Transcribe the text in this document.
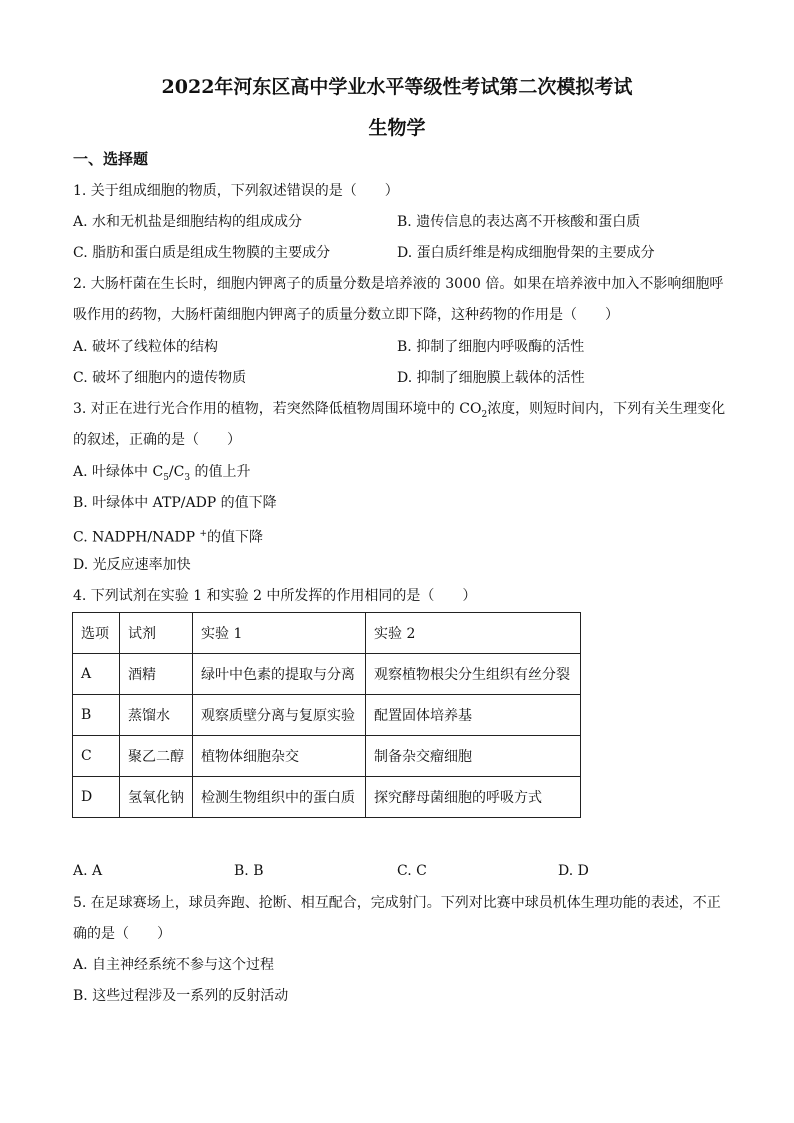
2022年河东区高中学业水平等级性考试第二次模拟考试
生物学
一、选择题
1. 关于组成细胞的物质，下列叙述错误的是（　　）
A. 水和无机盐是细胞结构的组成成分	B. 遗传信息的表达离不开核酸和蛋白质
C. 脂肪和蛋白质是组成生物膜的主要成分	D. 蛋白质纤维是构成细胞骨架的主要成分
2. 大肠杆菌在生长时，细胞内钾离子的质量分数是培养液的 3000 倍。如果在培养液中加入不影响细胞呼
吸作用的药物，大肠杆菌细胞内钾离子的质量分数立即下降，这种药物的作用是（　　）
A. 破坏了线粒体的结构	B. 抑制了细胞内呼吸酶的活性
C. 破坏了细胞内的遗传物质	D. 抑制了细胞膜上载体的活性
3. 对正在进行光合作用的植物，若突然降低植物周围环境中的 $CO_2$浓度，则短时间内，下列有关生理变化
的叙述，正确的是（　　）
A. 叶绿体中 $C_5/C_3$ 的值上升
B. 叶绿体中 ATP/ADP 的值下降
C. NADPH/NADP +的值下降
D. 光反应速率加快
4. 下列试剂在实验 1 和实验 2 中所发挥的作用相同的是（　　）
选项	试剂	实验 1	实验 2
A	酒精	绿叶中色素的提取与分离	观察植物根尖分生组织有丝分裂
B	蒸馏水	观察质壁分离与复原实验	配置固体培养基
C	聚乙二醇	植物体细胞杂交	制备杂交瘤细胞
D	氢氧化钠	检测生物组织中的蛋白质	探究酵母菌细胞的呼吸方式
A. A	B. B	C. C	D. D
5. 在足球赛场上，球员奔跑、抢断、相互配合，完成射门。下列对比赛中球员机体生理功能的表述，不正
确的是（　　）
A. 自主神经系统不参与这个过程
B. 这些过程涉及一系列的反射活动
